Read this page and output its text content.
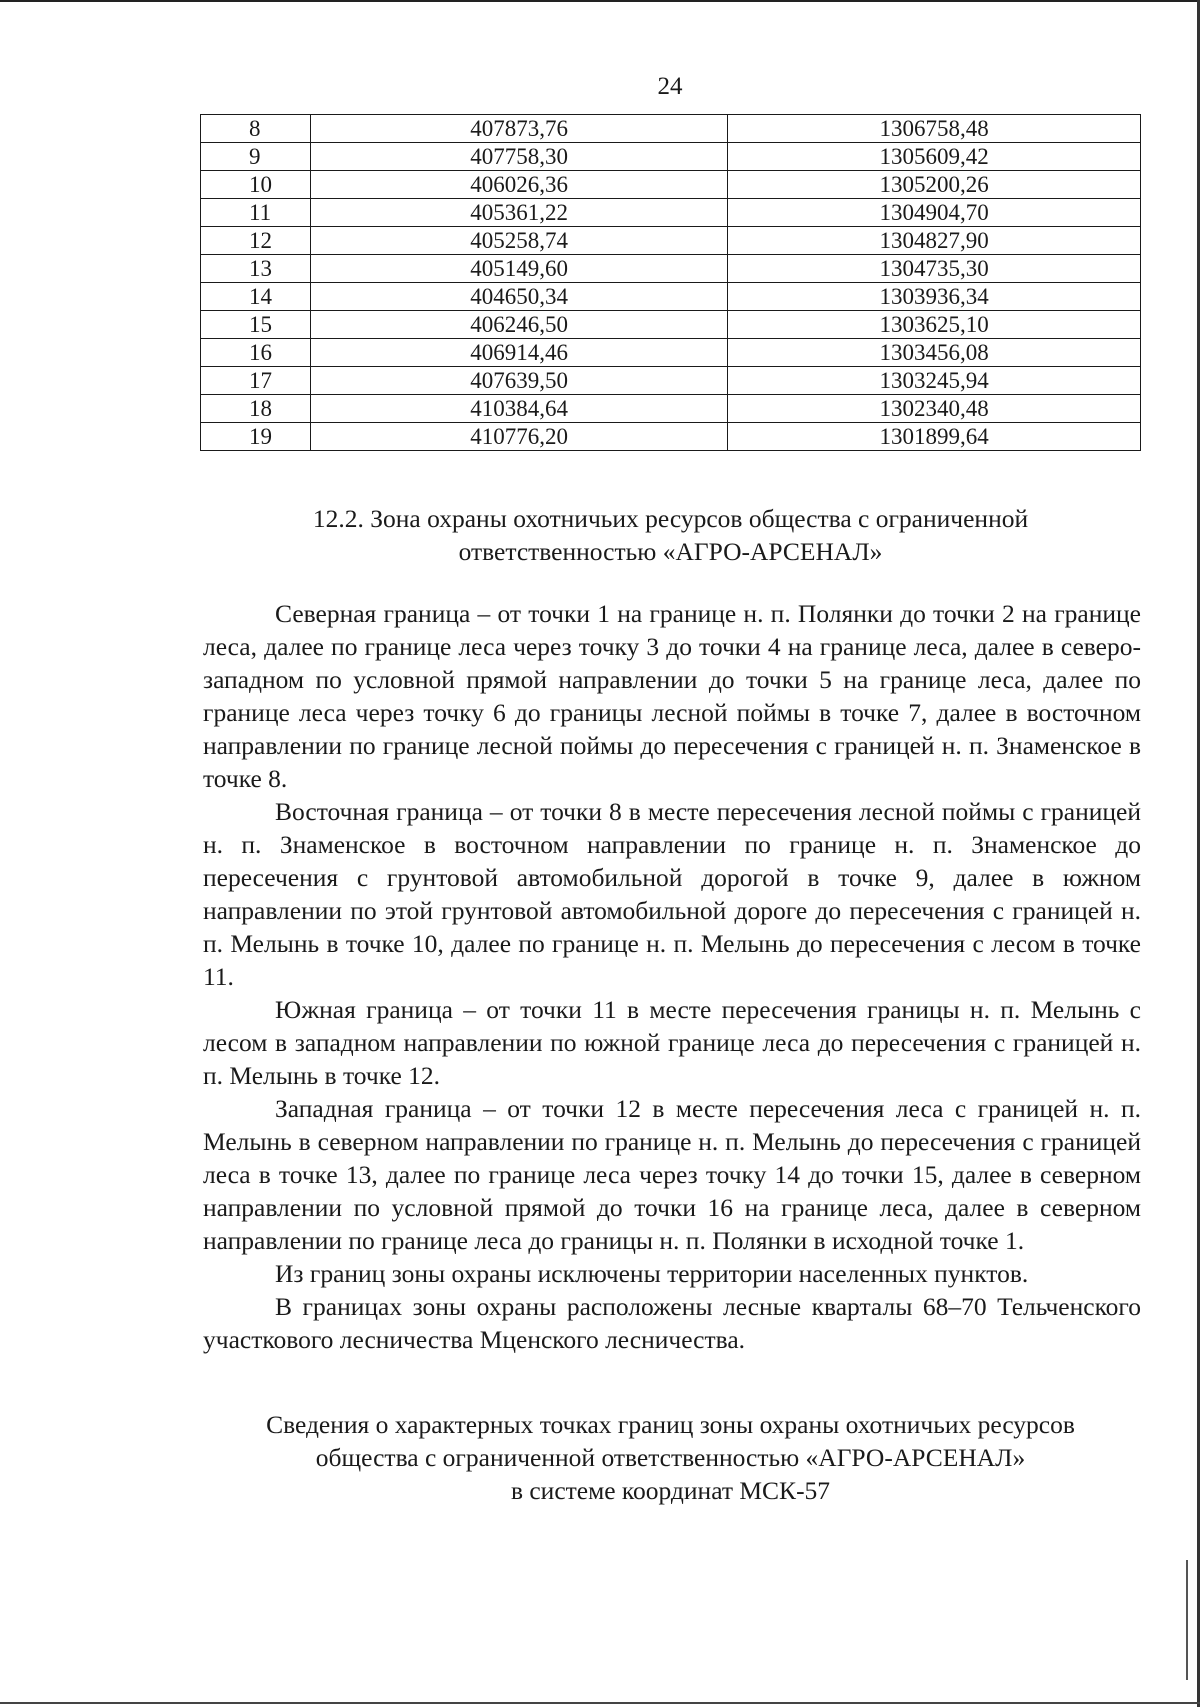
24
8	407873,76	1306758,48
9	407758,30	1305609,42
10	406026,36	1305200,26
11	405361,22	1304904,70
12	405258,74	1304827,90
13	405149,60	1304735,30
14	404650,34	1303936,34
15	406246,50	1303625,10
16	406914,46	1303456,08
17	407639,50	1303245,94
18	410384,64	1302340,48
19	410776,20	1301899,64
12.2. Зона охраны охотничьих ресурсов общества с ограниченной
ответственностью «АГРО-АРСЕНАЛ»

Северная граница – от точки 1 на границе н. п. Полянки до точки 2 на границе леса, далее по границе леса через точку 3 до точки 4 на границе леса, далее в северо-западном по условной прямой направлении до точки 5 на границе леса, далее по границе леса через точку 6 до границы лесной поймы в точке 7, далее в восточном направлении по границе лесной поймы до пересечения с границей н. п. Знаменское в точке 8.

Восточная граница – от точки 8 в месте пересечения лесной поймы с границей н. п. Знаменское в восточном направлении по границе н. п. Знаменское до пересечения с грунтовой автомобильной дорогой в точке 9, далее в южном направлении по этой грунтовой автомобильной дороге до пересечения с границей н. п. Мелынь в точке 10, далее по границе н. п. Мелынь до пересечения с лесом в точке 11.

Южная граница – от точки 11 в месте пересечения границы н. п. Мелынь с лесом в западном направлении по южной границе леса до пересечения с границей н. п. Мелынь в точке 12.

Западная граница – от точки 12 в месте пересечения леса с границей н. п. Мелынь в северном направлении по границе н. п. Мелынь до пересечения с границей леса в точке 13, далее по границе леса через точку 14 до точки 15, далее в северном направлении по условной прямой до точки 16 на границе леса, далее в северном направлении по границе леса до границы н. п. Полянки в исходной точке 1.

Из границ зоны охраны исключены территории населенных пунктов.

В границах зоны охраны расположены лесные кварталы 68–70 Тельченского участкового лесничества Мценского лесничества.

Сведения о характерных точках границ зоны охраны охотничьих ресурсов
общества с ограниченной ответственностью «АГРО-АРСЕНАЛ»
в системе координат МСК-57
